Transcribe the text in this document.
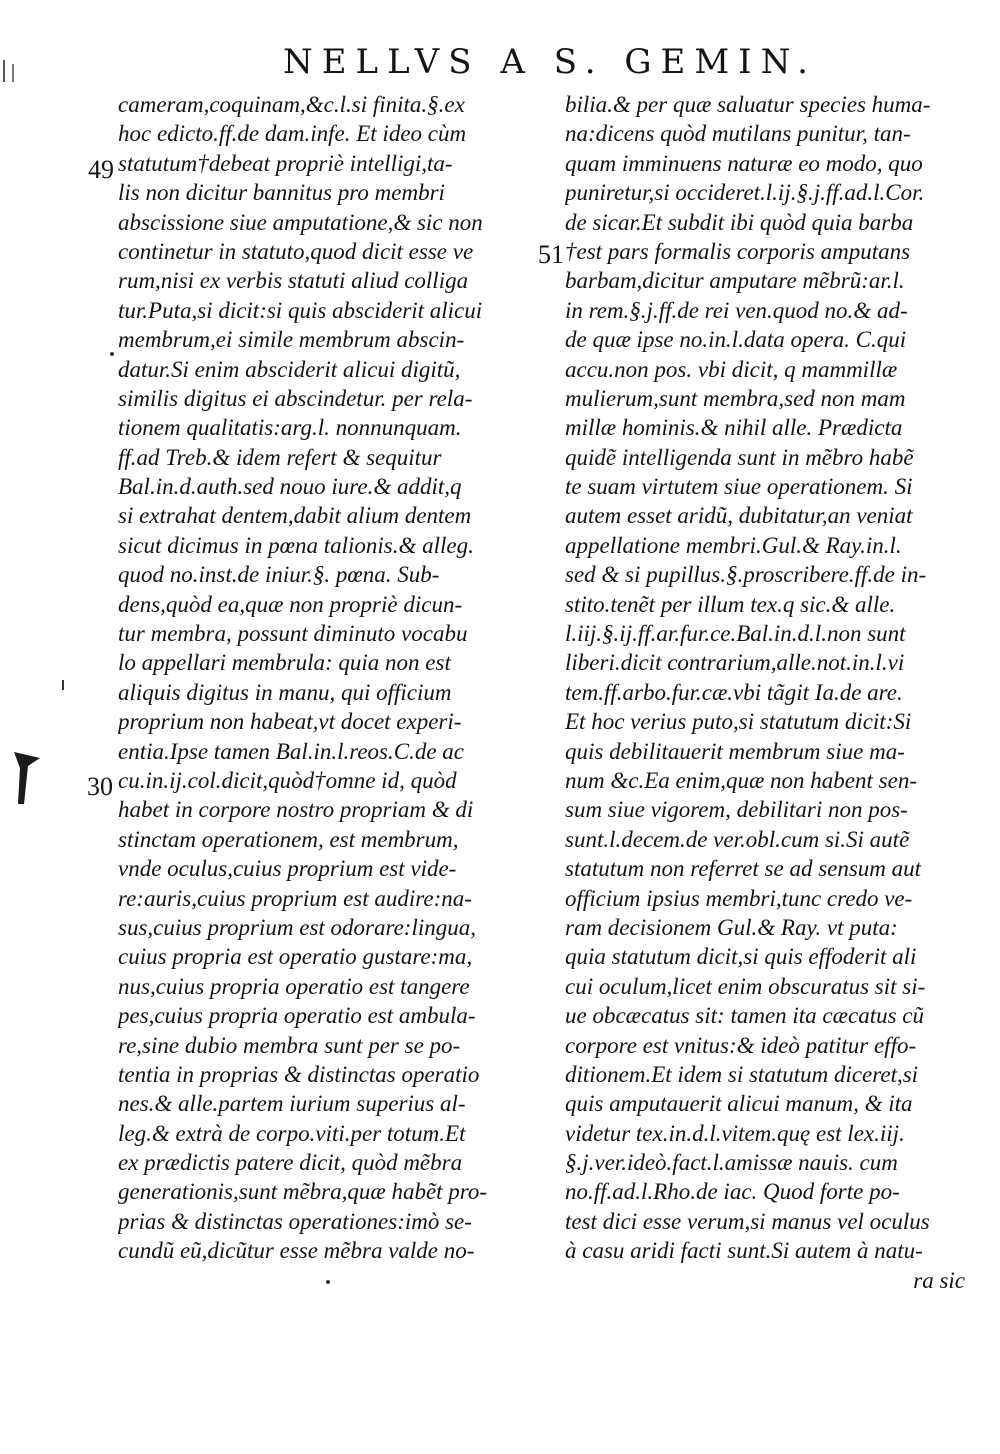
NELLVS A S. GEMIN.
49
51
30
cameram,coquinam,&c.l.si finita.§.ex
hoc edicto.ff.de dam.infe. Et ideo cùm
statutum†debeat propriè intelligi,ta-
lis non dicitur bannitus pro membri
abscissione siue amputatione,& sic non
continetur in statuto,quod dicit esse ve
rum,nisi ex verbis statuti aliud colliga
tur.Puta,si dicit:si quis absciderit alicui
membrum,ei simile membrum abscin-
datur.Si enim absciderit alicui digitũ,
similis digitus ei abscindetur. per rela-
tionem qualitatis:arg.l. nonnunquam.
ff.ad Treb.& idem refert & sequitur
Bal.in.d.auth.sed nouo iure.& addit,q
si extrahat dentem,dabit alium dentem
sicut dicimus in pœna talionis.& alleg.
quod no.inst.de iniur.§. pœna. Sub-
dens,quòd ea,quæ non propriè dicun-
tur membra, possunt diminuto vocabu
lo appellari membrula: quia non est
aliquis digitus in manu, qui officium
proprium non habeat,vt docet experi-
entia.Ipse tamen Bal.in.l.reos.C.de ac
cu.in.ij.col.dicit,quòd†omne id, quòd
habet in corpore nostro propriam & di
stinctam operationem, est membrum,
vnde oculus,cuius proprium est vide-
re:auris,cuius proprium est audire:na-
sus,cuius proprium est odorare:lingua,
cuius propria est operatio gustare:ma,
nus,cuius propria operatio est tangere
pes,cuius propria operatio est ambula-
re,sine dubio membra sunt per se po-
tentia in proprias & distinctas operatio
nes.& alle.partem iurium superius al-
leg.& extrà de corpo.viti.per totum.Et
ex prædictis patere dicit, quòd mẽbra
generationis,sunt mẽbra,quæ habẽt pro-
prias & distinctas operationes:imò se-
cundũ eũ,dicũtur esse mẽbra valde no-
bilia.& per quæ saluatur species huma-
na:dicens quòd mutilans punitur, tan-
quam imminuens naturæ eo modo, quo
puniretur,si occideret.l.ij.§.j.ff.ad.l.Cor.
de sicar.Et subdit ibi quòd quia barba
†est pars formalis corporis amputans
barbam,dicitur amputare mẽbrũ:ar.l.
in rem.§.j.ff.de rei ven.quod no.& ad-
de quæ ipse no.in.l.data opera. C.qui
accu.non pos. vbi dicit, q mammillæ
mulierum,sunt membra,sed non mam
millæ hominis.& nihil alle. Prædicta
quidẽ intelligenda sunt in mẽbro habẽ
te suam virtutem siue operationem. Si
autem esset aridũ, dubitatur,an veniat
appellatione membri.Gul.& Ray.in.l.
sed & si pupillus.§.proscribere.ff.de in-
stito.tenẽt per illum tex.q sic.& alle.
l.iij.§.ij.ff.ar.fur.ce.Bal.in.d.l.non sunt
liberi.dicit contrarium,alle.not.in.l.vi
tem.ff.arbo.fur.cæ.vbi tãgit Ia.de are.
Et hoc verius puto,si statutum dicit:Si
quis debilitauerit membrum siue ma-
num &c.Ea enim,quæ non habent sen-
sum siue vigorem, debilitari non pos-
sunt.l.decem.de ver.obl.cum si.Si autẽ
statutum non referret se ad sensum aut
officium ipsius membri,tunc credo ve-
ram decisionem Gul.& Ray. vt puta:
quia statutum dicit,si quis effoderit ali
cui oculum,licet enim obscuratus sit si-
ue obcæcatus sit: tamen ita cæcatus cũ
corpore est vnitus:& ideò patitur effo-
ditionem.Et idem si statutum diceret,si
quis amputauerit alicui manum, & ita
videtur tex.in.d.l.vitem.quę est lex.iij.
§.j.ver.ideò.fact.l.amissæ nauis. cum
no.ff.ad.l.Rho.de iac. Quod forte po-
test dici esse verum,si manus vel oculus
à casu aridi facti sunt.Si autem à natu-
ra sic
